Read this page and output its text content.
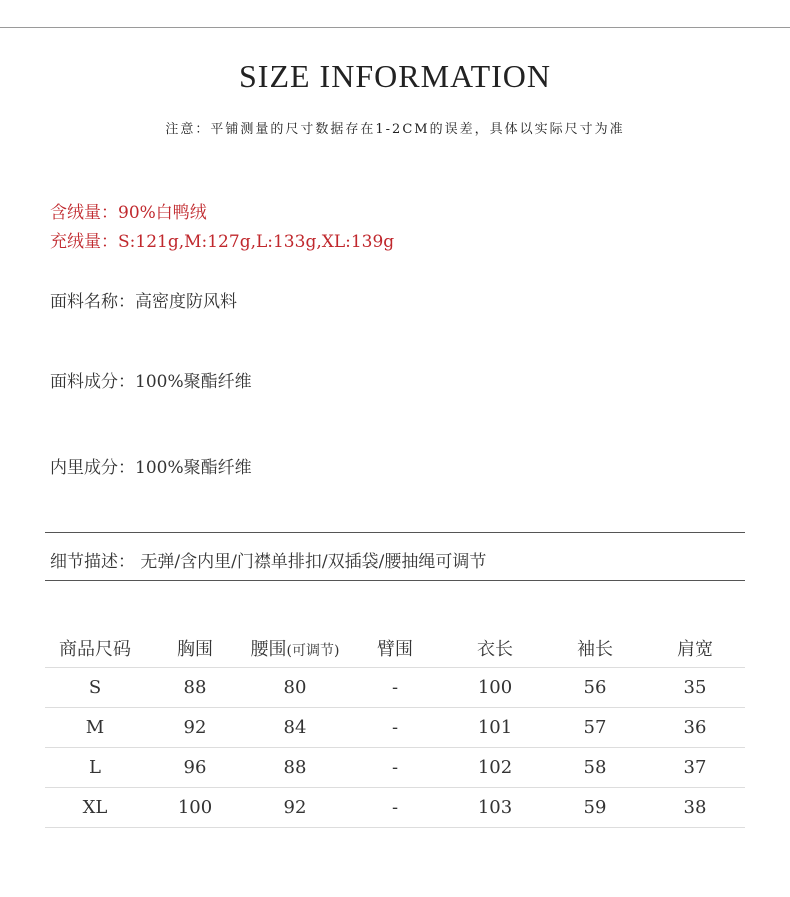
SIZE INFORMATION
注意：平铺测量的尺寸数据存在1-2CM的误差，具体以实际尺寸为准
含绒量：90%白鸭绒
充绒量：S:121g,M:127g,L:133g,XL:139g
面料名称：高密度防风料
面料成分：100%聚酯纤维
内里成分：100%聚酯纤维
细节描述： 无弹/含内里/门襟单排扣/双插袋/腰抽绳可调节
商品尺码	胸围	腰围(可调节)	臂围	衣长	袖长	肩宽
S	88	80	-	100	56	35
M	92	84	-	101	57	36
L	96	88	-	102	58	37
XL	100	92	-	103	59	38
